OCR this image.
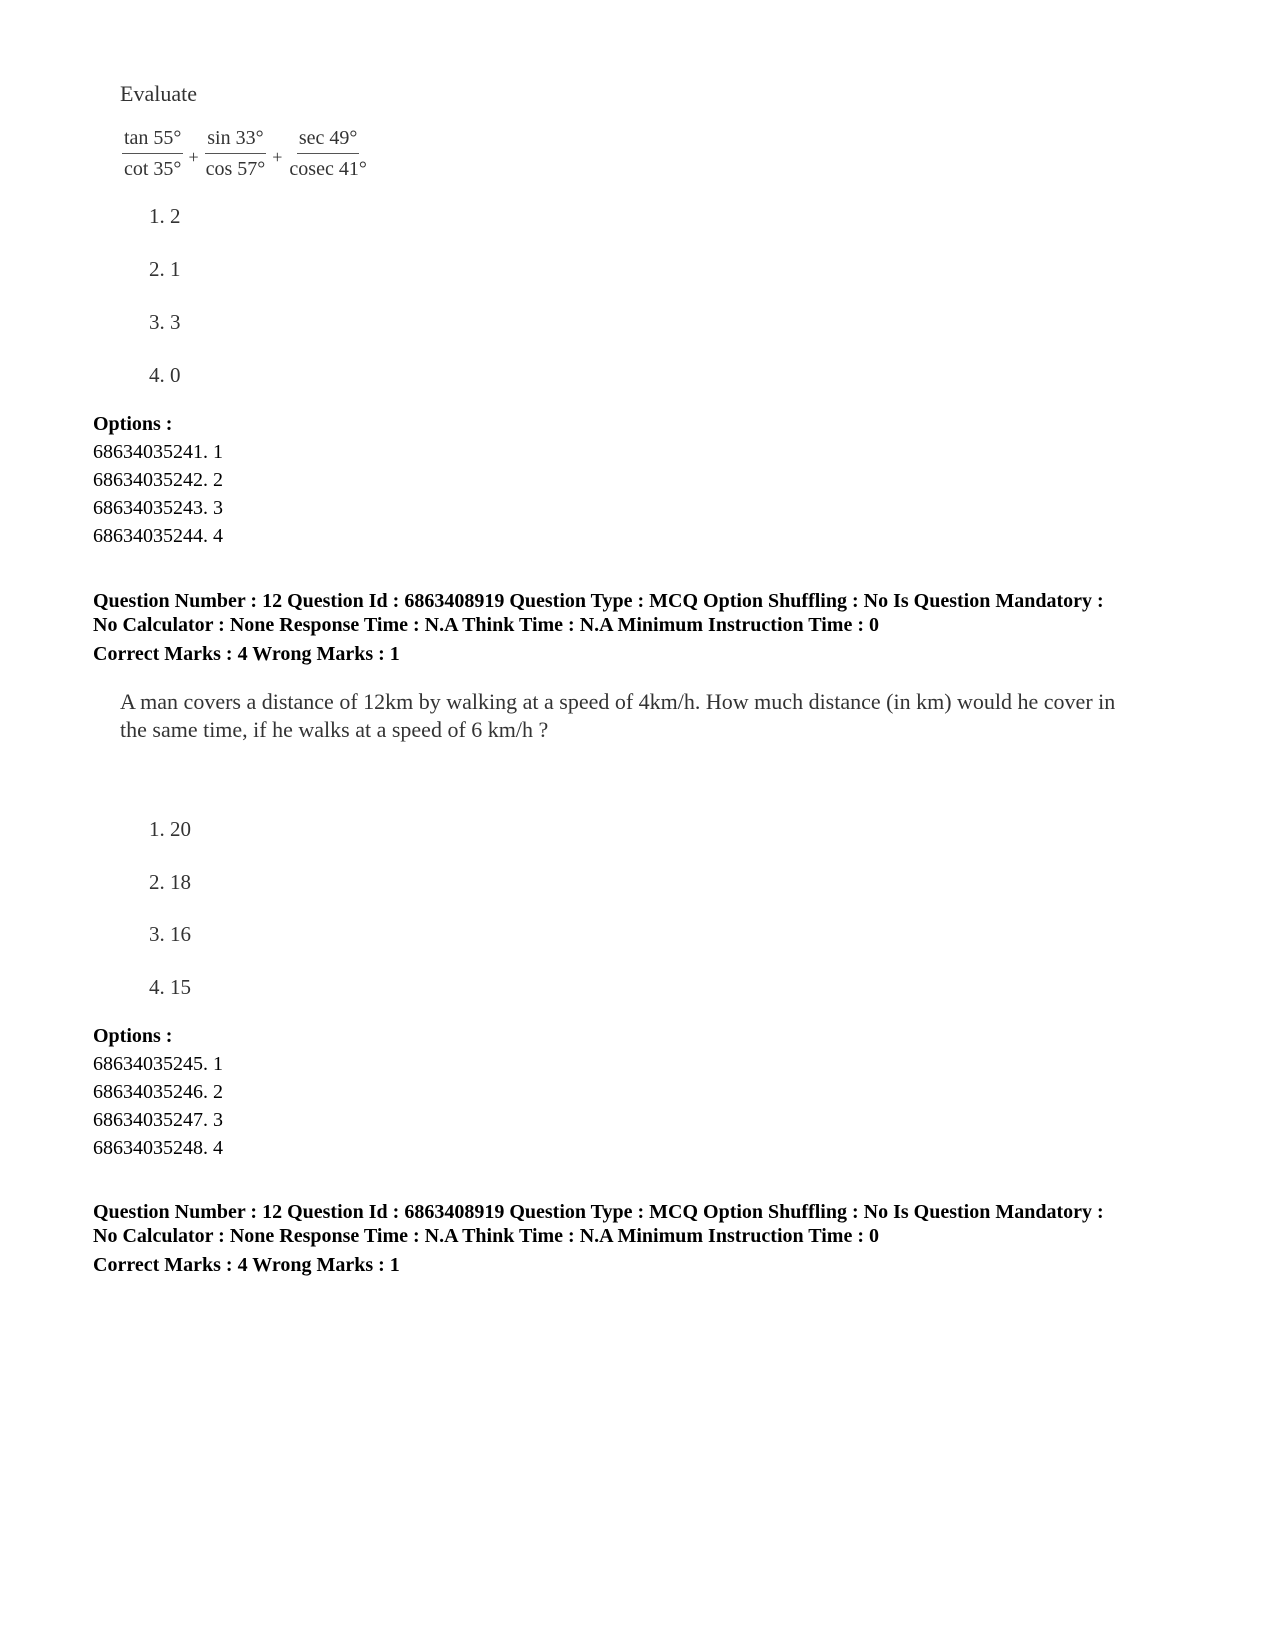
Evaluate
$\frac{\tan 55^\circ}{\cot 35^\circ} + \frac{\sin 33^\circ}{\cos 57^\circ} + \frac{\sec 49^\circ}{cosec 41^\circ}$
1. 2
2. 1
3. 3
4. 0
Options :
68634035241. 1
68634035242. 2
68634035243. 3
68634035244. 4
Question Number : 12 Question Id : 6863408919 Question Type : MCQ Option Shuffling : No Is Question Mandatory :
No Calculator : None Response Time : N.A Think Time : N.A Minimum Instruction Time : 0
Correct Marks : 4 Wrong Marks : 1
A man covers a distance of 12km by walking at a speed of 4km/h. How much distance (in km) would he cover in the same time, if he walks at a speed of 6 km/h ?
1. 20
2. 18
3. 16
4. 15
Options :
68634035245. 1
68634035246. 2
68634035247. 3
68634035248. 4
Question Number : 12 Question Id : 6863408919 Question Type : MCQ Option Shuffling : No Is Question Mandatory :
No Calculator : None Response Time : N.A Think Time : N.A Minimum Instruction Time : 0
Correct Marks : 4 Wrong Marks : 1
